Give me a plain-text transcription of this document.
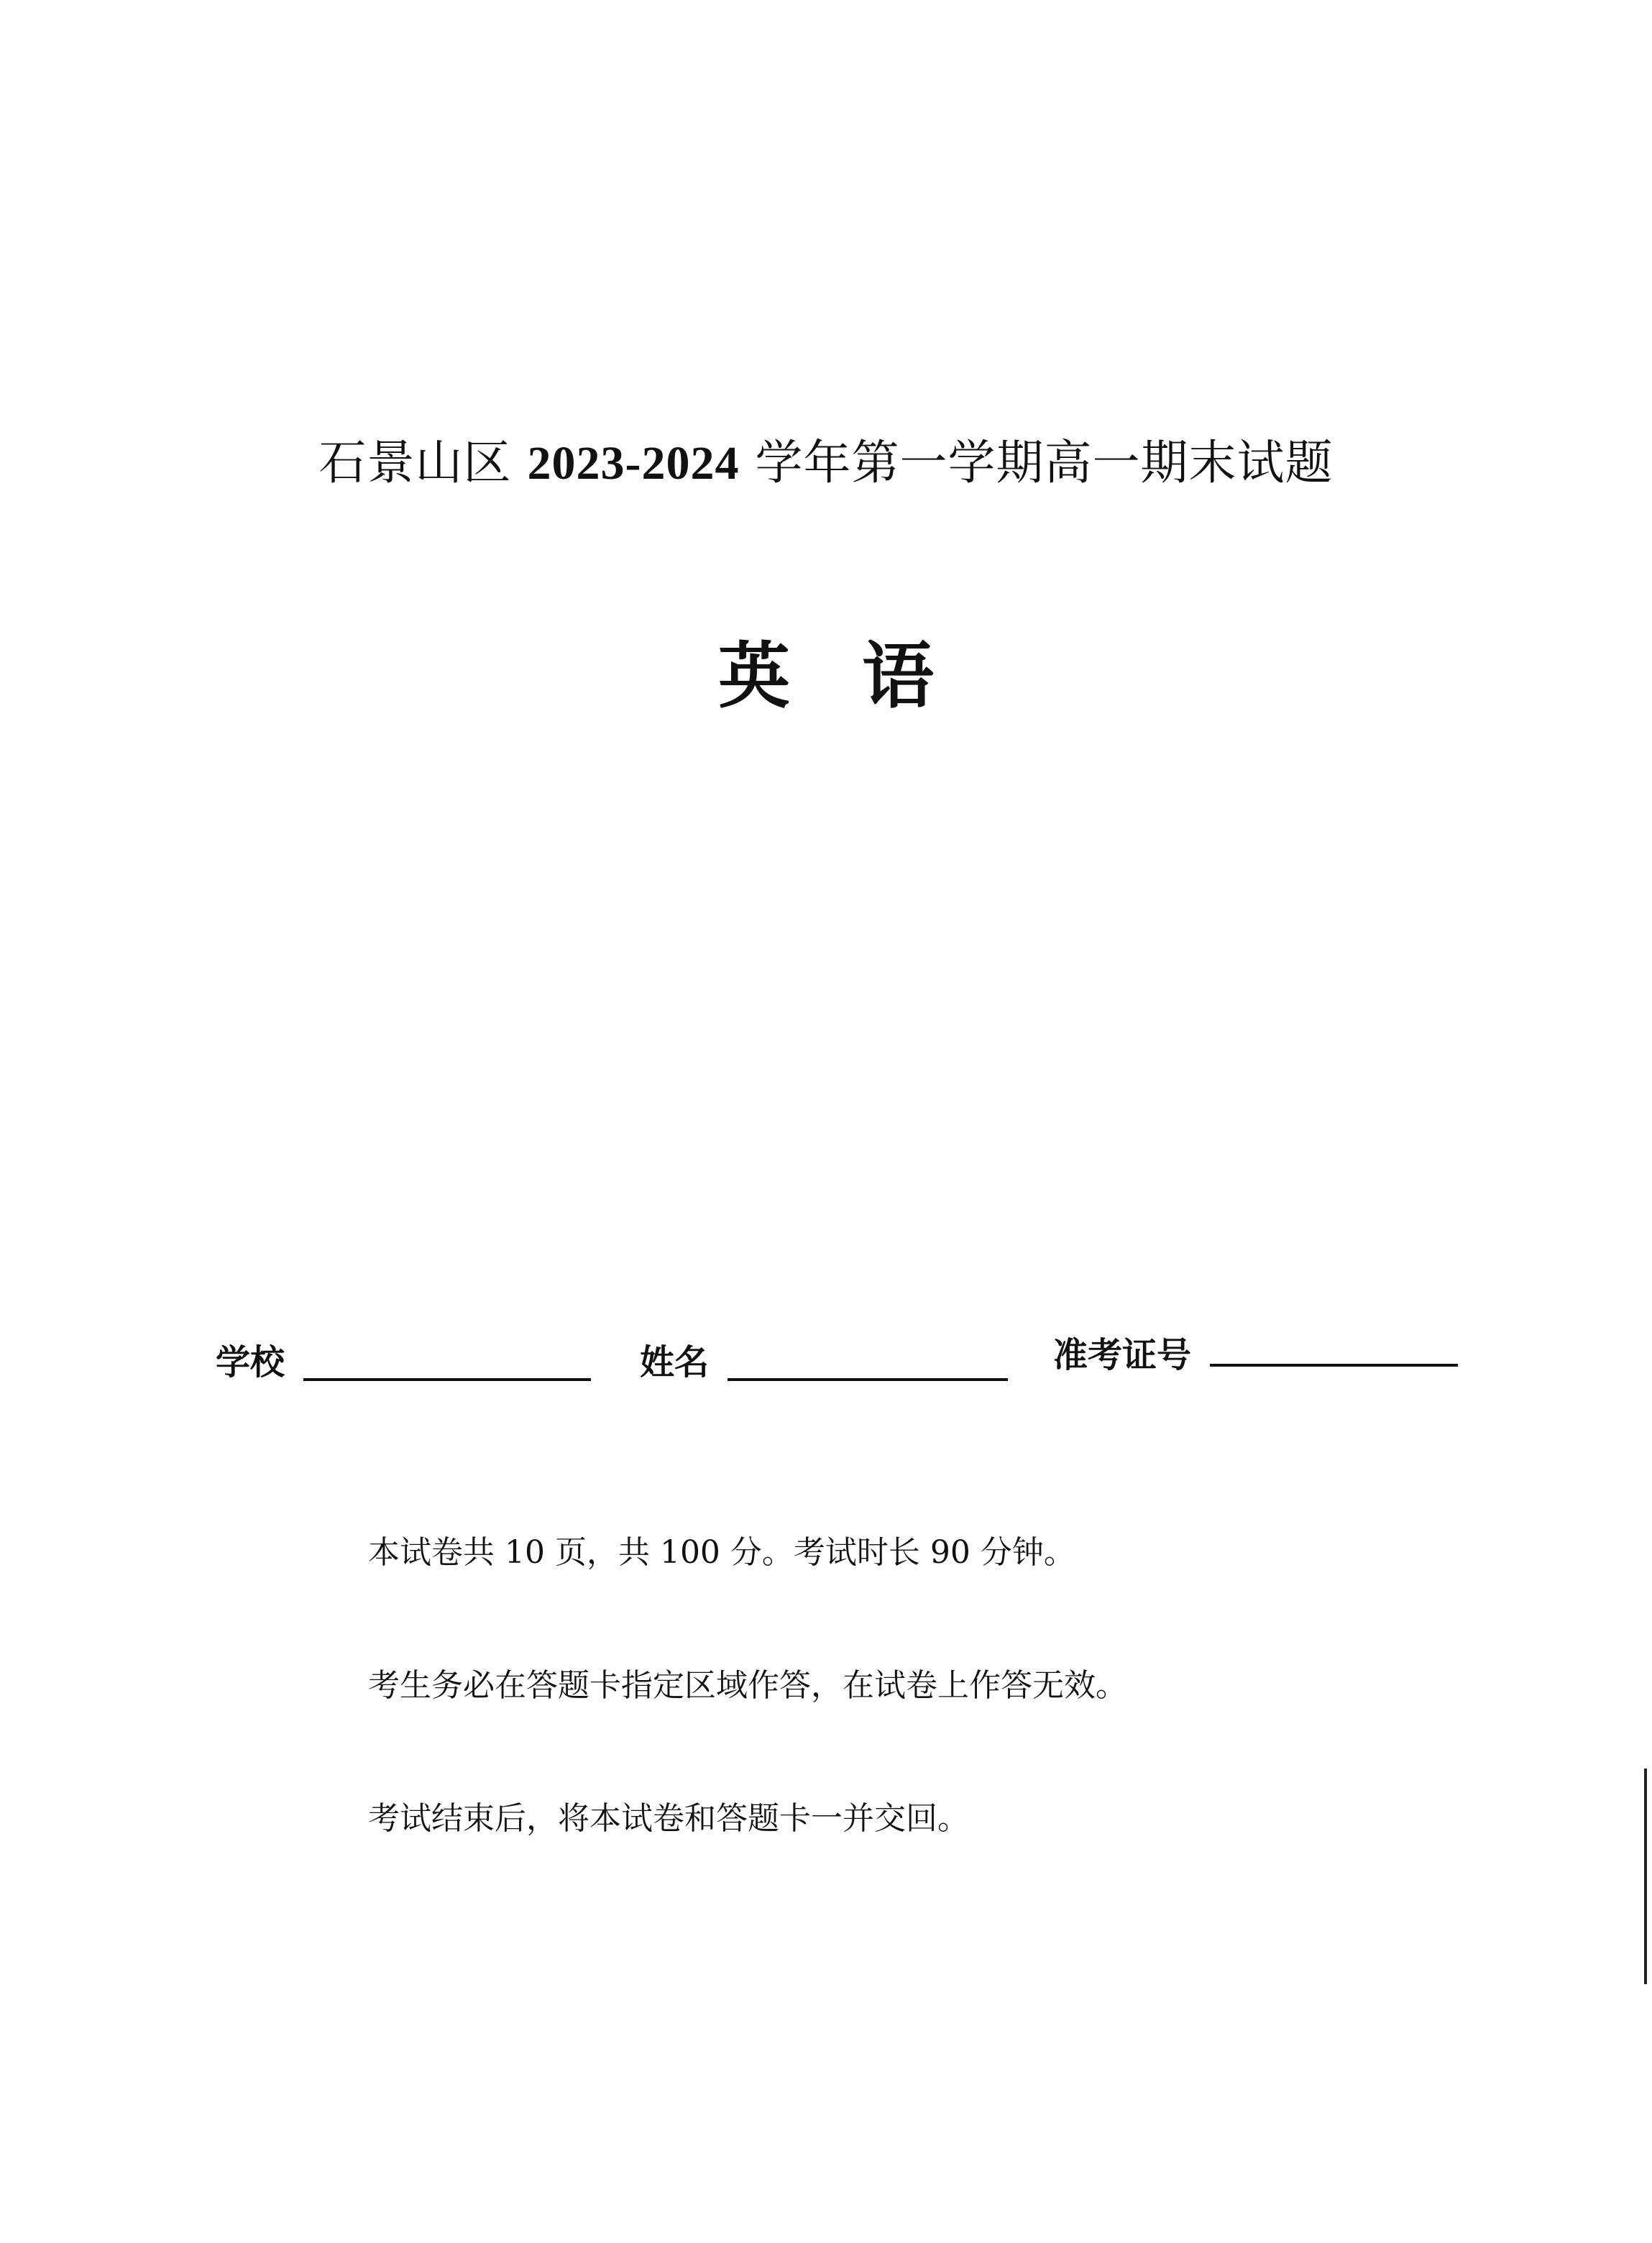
石景山区 2023-2024 学年第一学期高一期末试题
英语
学校	姓名	准考证号

本试卷共 10 页，共 100 分。考试时长 90 分钟。

考生务必在答题卡指定区域作答，在试卷上作答无效。

考试结束后，将本试卷和答题卡一并交回。
